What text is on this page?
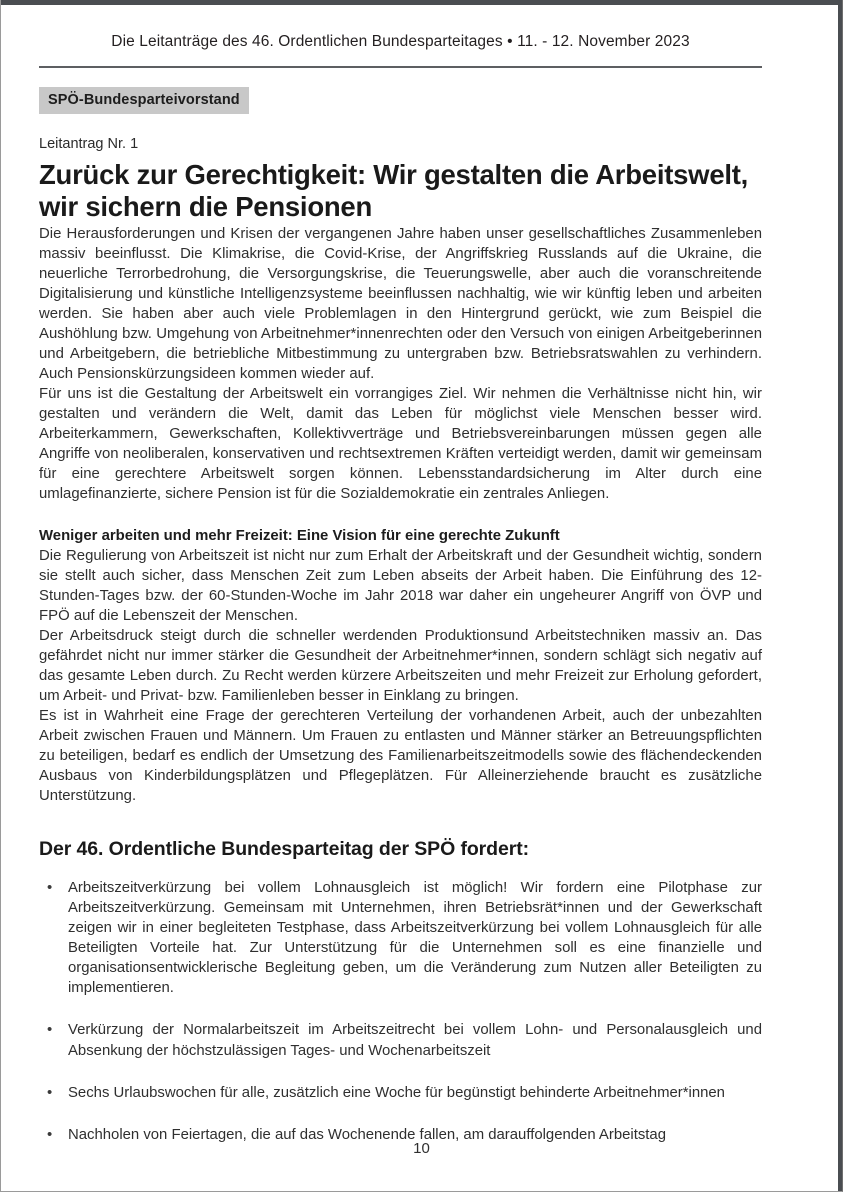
Die Leitanträge des 46. Ordentlichen Bundesparteitages • 11. - 12. November 2023
SPÖ-Bundesparteivorstand
Leitantrag Nr. 1
Zurück zur Gerechtigkeit: Wir gestalten die Arbeitswelt, wir sichern die Pensionen

Die Herausforderungen und Krisen der vergangenen Jahre haben unser gesellschaftliches Zusammenleben massiv beeinflusst. Die Klimakrise, die Covid-Krise, der Angriffskrieg Russlands auf die Ukraine, die neuerliche Terrorbedrohung, die Versorgungskrise, die Teuerungswelle, aber auch die voranschreitende Digitalisierung und künstliche Intelligenzsysteme beeinflussen nachhaltig, wie wir künftig leben und arbeiten werden. Sie haben aber auch viele Problemlagen in den Hintergrund gerückt, wie zum Beispiel die Aushöhlung bzw. Umgehung von Arbeitnehmer*innenrechten oder den Versuch von einigen Arbeitgeberinnen und Arbeitgebern, die betriebliche Mitbestimmung zu untergraben bzw. Betriebsratswahlen zu verhindern. Auch Pensionskürzungsideen kommen wieder auf.

Für uns ist die Gestaltung der Arbeitswelt ein vorrangiges Ziel. Wir nehmen die Verhältnisse nicht hin, wir gestalten und verändern die Welt, damit das Leben für möglichst viele Menschen besser wird. Arbeiterkammern, Gewerkschaften, Kollektivverträge und Betriebsvereinbarungen müssen gegen alle Angriffe von neoliberalen, konservativen und rechtsextremen Kräften verteidigt werden, damit wir gemeinsam für eine gerechtere Arbeitswelt sorgen können. Lebensstandardsicherung im Alter durch eine umlagefinanzierte, sichere Pension ist für die Sozialdemokratie ein zentrales Anliegen.

Weniger arbeiten und mehr Freizeit: Eine Vision für eine gerechte Zukunft

Die Regulierung von Arbeitszeit ist nicht nur zum Erhalt der Arbeitskraft und der Gesundheit wichtig, sondern sie stellt auch sicher, dass Menschen Zeit zum Leben abseits der Arbeit haben. Die Einführung des 12-Stunden-Tages bzw. der 60-Stunden-Woche im Jahr 2018 war daher ein ungeheurer Angriff von ÖVP und FPÖ auf die Lebenszeit der Menschen.

Der Arbeitsdruck steigt durch die schneller werdenden Produktionsund Arbeitstechniken massiv an. Das gefährdet nicht nur immer stärker die Gesundheit der Arbeitnehmer*innen, sondern schlägt sich negativ auf das gesamte Leben durch. Zu Recht werden kürzere Arbeitszeiten und mehr Freizeit zur Erholung gefordert, um Arbeit- und Privat- bzw. Familienleben besser in Einklang zu bringen.

Es ist in Wahrheit eine Frage der gerechteren Verteilung der vorhandenen Arbeit, auch der unbezahlten Arbeit zwischen Frauen und Männern. Um Frauen zu entlasten und Männer stärker an Betreuungspflichten zu beteiligen, bedarf es endlich der Umsetzung des Familienarbeitszeitmodells sowie des flächendeckenden Ausbaus von Kinderbildungsplätzen und Pflegeplätzen. Für Alleinerziehende braucht es zusätzliche Unterstützung.

Der 46. Ordentliche Bundesparteitag der SPÖ fordert:
• Arbeitszeitverkürzung bei vollem Lohnausgleich ist möglich! Wir fordern eine Pilotphase zur Arbeitszeitverkürzung. Gemeinsam mit Unternehmen, ihren Betriebsrät*innen und der Gewerkschaft zeigen wir in einer begleiteten Testphase, dass Arbeitszeitverkürzung bei vollem Lohnausgleich für alle Beteiligten Vorteile hat. Zur Unterstützung für die Unternehmen soll es eine finanzielle und organisationsentwicklerische Begleitung geben, um die Veränderung zum Nutzen aller Beteiligten zu implementieren.
• Verkürzung der Normalarbeitszeit im Arbeitszeitrecht bei vollem Lohn- und Personalausgleich und Absenkung der höchstzulässigen Tages- und Wochenarbeitszeit
• Sechs Urlaubswochen für alle, zusätzlich eine Woche für begünstigt behinderte Arbeitnehmer*innen
• Nachholen von Feiertagen, die auf das Wochenende fallen, am darauffolgenden Arbeitstag
10
